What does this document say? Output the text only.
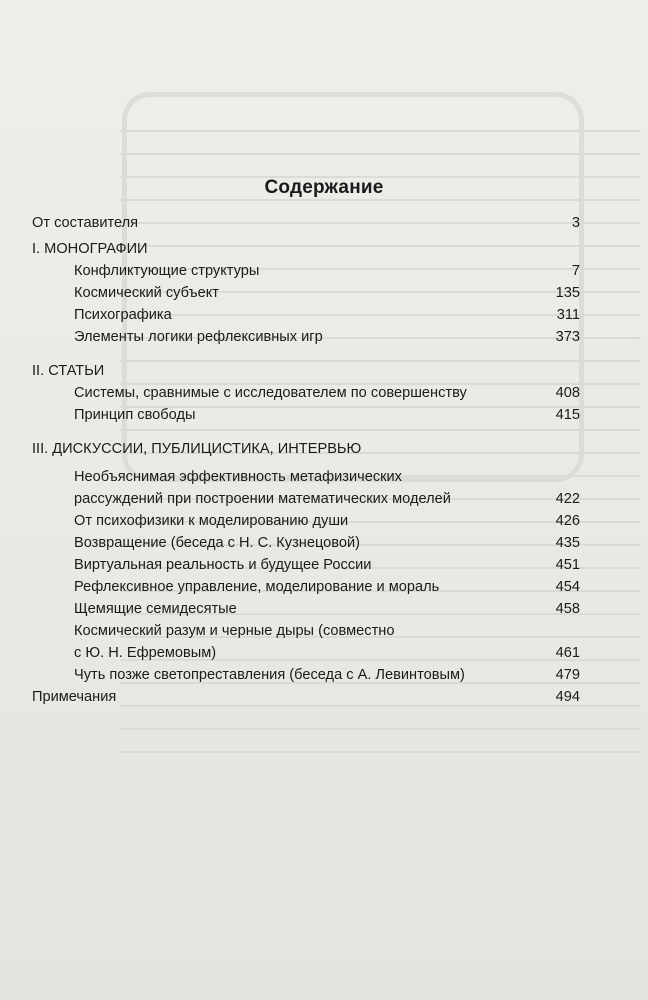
Содержание
От составителя	3
I. МОНОГРАФИИ
Конфликтующие структуры	7
Космический субъект	135
Психографика	311
Элементы логики рефлексивных игр	373
II. СТАТЬИ
Системы, сравнимые с исследователем по совершенству	408
Принцип свободы	415
III. ДИСКУССИИ, ПУБЛИЦИСТИКА, ИНТЕРВЬЮ
Необъяснимая эффективность метафизических
рассуждений при построении математических моделей	422
От психофизики к моделированию души	426
Возвращение (беседа с Н. С. Кузнецовой)	435
Виртуальная реальность и будущее России	451
Рефлексивное управление, моделирование и мораль	454
Щемящие семидесятые	458
Космический разум и черные дыры (совместно
с Ю. Н. Ефремовым)	461
Чуть позже светопреставления (беседа с А. Левинтовым)	479
Примечания	494
